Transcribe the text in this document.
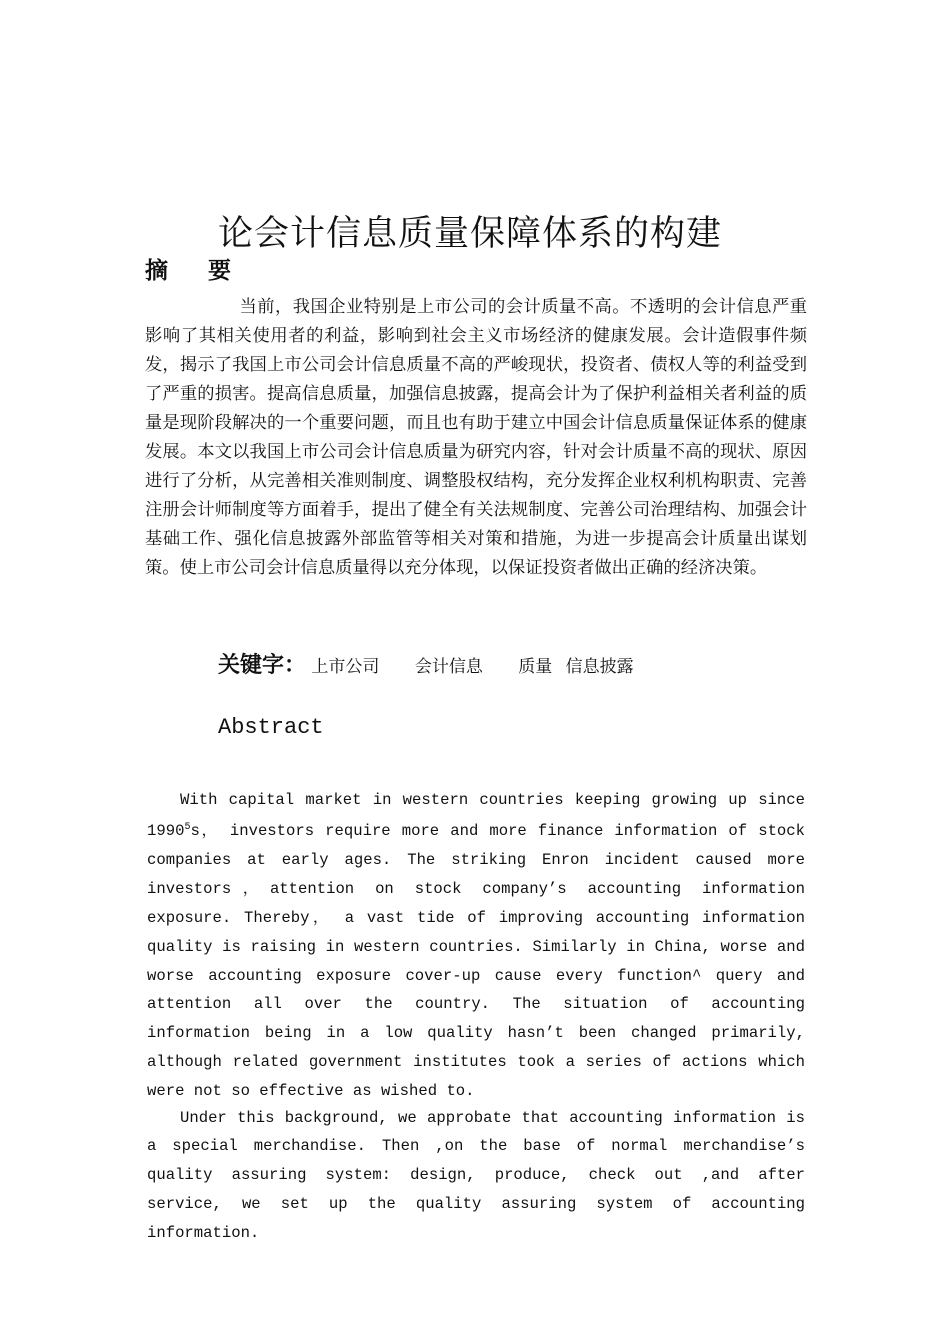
论会计信息质量保障体系的构建
摘 要
当前，我国企业特别是上市公司的会计质量不高。不透明的会计信息严重影响了其相关使用者的利益，影响到社会主义市场经济的健康发展。会计造假事件频发，揭示了我国上市公司会计信息质量不高的严峻现状，投资者、债权人等的利益受到了严重的损害。提高信息质量，加强信息披露，提高会计为了保护利益相关者利益的质量是现阶段解决的一个重要问题，而且也有助于建立中国会计信息质量保证体系的健康发展。本文以我国上市公司会计信息质量为研究内容，针对会计质量不高的现状、原因进行了分析，从完善相关准则制度、调整股权结构，充分发挥企业权利机构职责、完善注册会计师制度等方面着手，提出了健全有关法规制度、完善公司治理结构、加强会计基础工作、强化信息披露外部监管等相关对策和措施，为进一步提高会计质量出谋划策。使上市公司会计信息质量得以充分体现，以保证投资者做出正确的经济决策。
关键字： 上市公司 会计信息 质量 信息披露
Abstract

With capital market in western countries keeping growing up since 1990$^5$s， investors require more and more finance information of stock companies at early ages. The striking Enron incident caused more investors，attention on stock company’s accounting information exposure. Thereby， a vast tide of improving accounting information quality is raising in western countries. Similarly in China, worse and worse accounting exposure cover-up cause every function^ query and attention all over the country. The situation of accounting information being in a low quality hasn’t been changed primarily, although related government institutes took a series of actions which were not so effective as wished to.

Under this background, we approbate that accounting information is a special merchandise. Then ,on the base of normal merchandise’s quality assuring system: design, produce, check out ,and after service, we set up the quality assuring system of accounting information.
